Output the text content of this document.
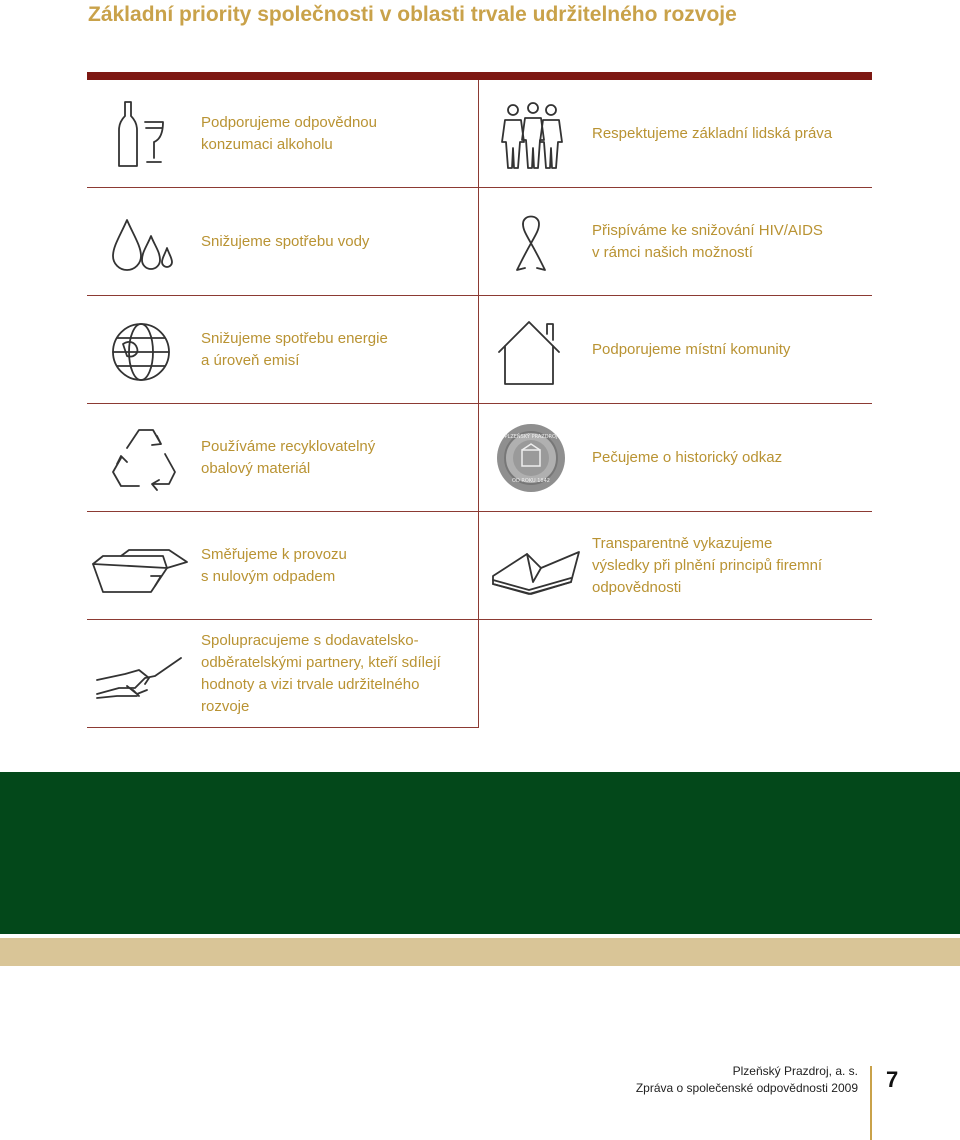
Základní priority společnosti v oblasti trvale udržitelného rozvoje
Podporujeme odpovědnou
konzumaci alkoholu
Respektujeme základní lidská práva
Snižujeme spotřebu vody
Přispíváme ke snižování HIV/AIDS
v rámci našich možností
Snižujeme spotřebu energie
a úroveň emisí
Podporujeme místní komunity
Používáme recyklovatelný
obalový materiál
PLZEŇSKÝ PRAZDROJ
OD ROKU 1842
Pečujeme o historický odkaz
Směřujeme k provozu
s nulovým odpadem
Transparentně vykazujeme
výsledky při plnění principů firemní
odpovědnosti
Spolupracujeme s dodavatelsko-
odběratelskými partnery, kteří sdílejí
hodnoty a vizi trvale udržitelného
rozvoje
Plzeňský Prazdroj, a. s.
Zpráva o společenské odpovědnosti 2009 7
